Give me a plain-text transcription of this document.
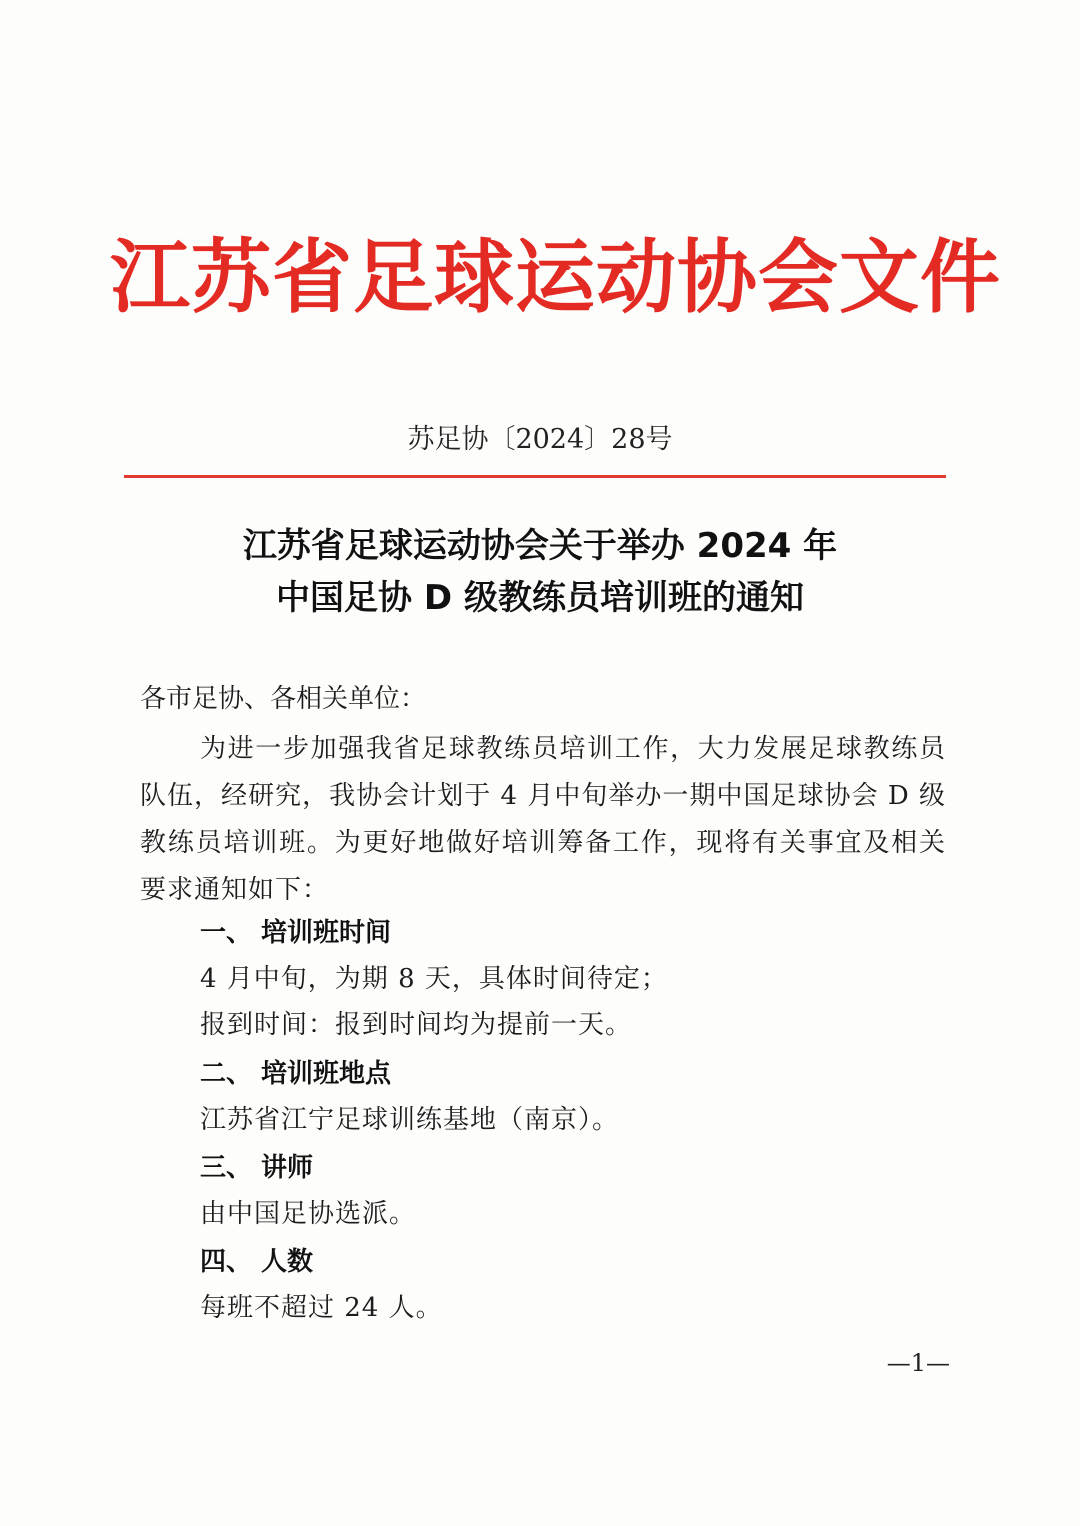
江苏省足球运动协会文件
苏足协〔2024〕28号
江苏省足球运动协会关于举办 2024 年
中国足协 D 级教练员培训班的通知
各市足协、各相关单位：
为进一步加强我省足球教练员培训工作，大力发展足球教练员队伍，经研究，我协会计划于 4 月中旬举办一期中国足球协会 D 级教练员培训班。为更好地做好培训筹备工作，现将有关事宜及相关要求通知如下：
一、 培训班时间
4 月中旬，为期 8 天，具体时间待定；
报到时间：报到时间均为提前一天。
二、 培训班地点
江苏省江宁足球训练基地（南京）。
三、 讲师
由中国足协选派。
四、 人数
每班不超过 24 人。
—1—
